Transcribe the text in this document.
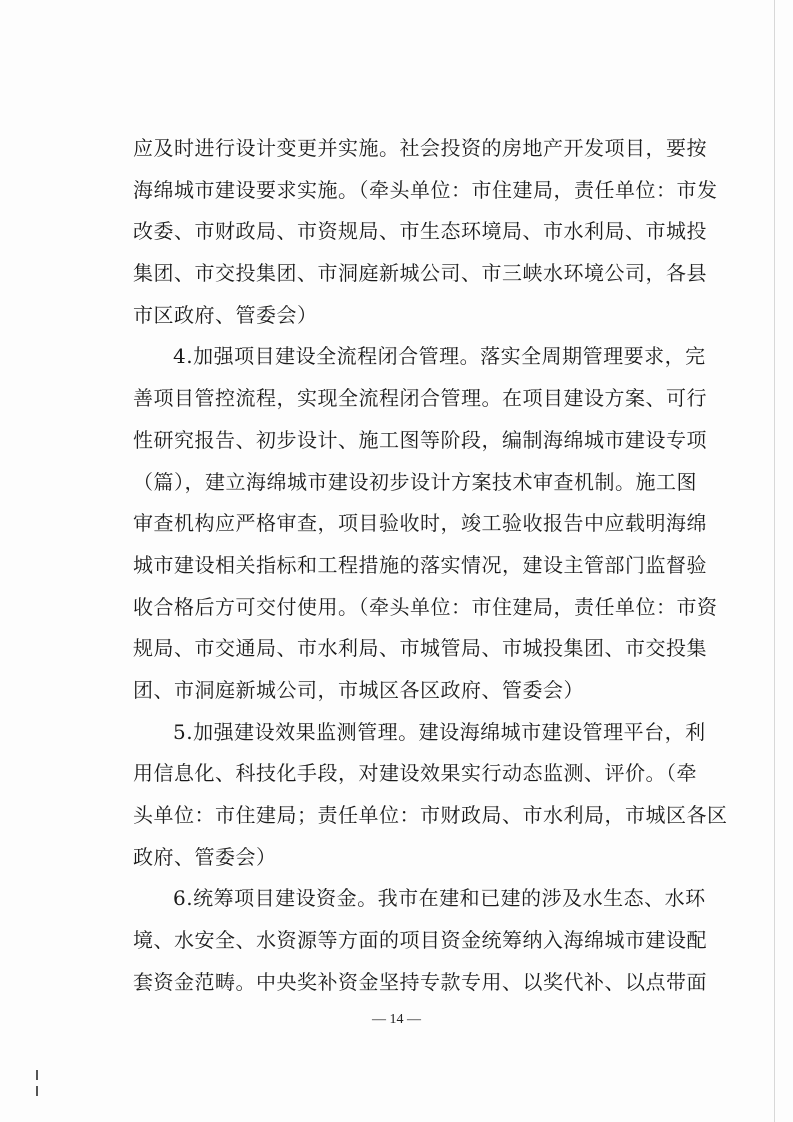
应及时进行设计变更并实施。社会投资的房地产开发项目，要按
海绵城市建设要求实施。（牵头单位：市住建局，责任单位：市发
改委、市财政局、市资规局、市生态环境局、市水利局、市城投
集团、市交投集团、市洞庭新城公司、市三峡水环境公司，各县
市区政府、管委会）
4.加强项目建设全流程闭合管理。落实全周期管理要求，完
善项目管控流程，实现全流程闭合管理。在项目建设方案、可行
性研究报告、初步设计、施工图等阶段，编制海绵城市建设专项
（篇），建立海绵城市建设初步设计方案技术审查机制。施工图
审查机构应严格审查，项目验收时，竣工验收报告中应载明海绵
城市建设相关指标和工程措施的落实情况，建设主管部门监督验
收合格后方可交付使用。（牵头单位：市住建局，责任单位：市资
规局、市交通局、市水利局、市城管局、市城投集团、市交投集
团、市洞庭新城公司，市城区各区政府、管委会）
5.加强建设效果监测管理。建设海绵城市建设管理平台，利
用信息化、科技化手段，对建设效果实行动态监测、评价。（牵
头单位：市住建局；责任单位：市财政局、市水利局，市城区各区
政府、管委会）
6.统筹项目建设资金。我市在建和已建的涉及水生态、水环
境、水安全、水资源等方面的项目资金统筹纳入海绵城市建设配
套资金范畴。中央奖补资金坚持专款专用、以奖代补、以点带面
— 14 —
